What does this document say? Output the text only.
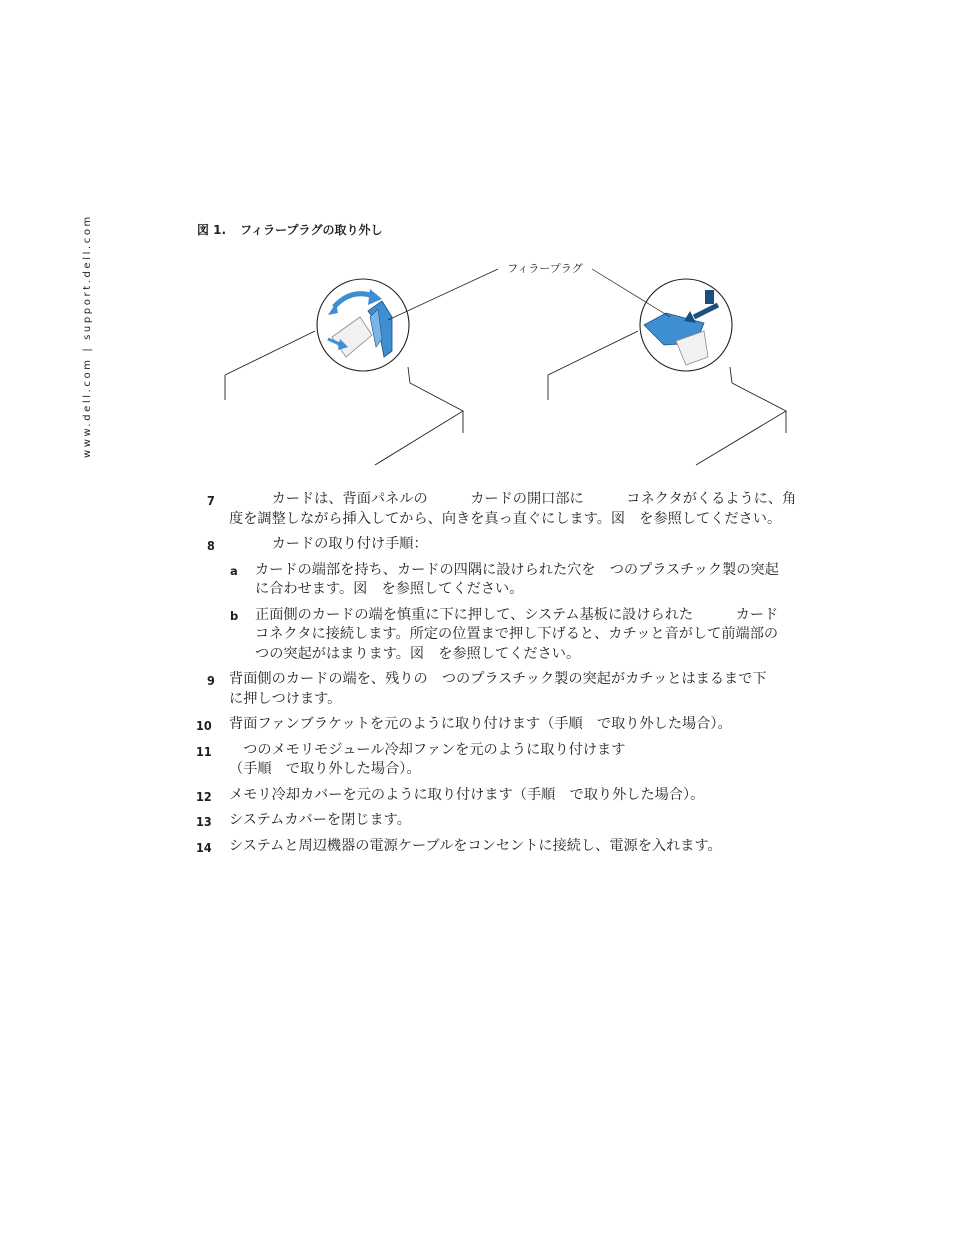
www.dell.com | support.dell.com	図 1. フィラープラグの取り外し
フィラープラグ
7	　　　カードは、背面パネルの　　　カードの開口部に　　　コネクタがくるように、角
度を調整しながら挿入してから、向きを真っ直ぐにします。図　を参照してください。
8 　　　カードの取り付け手順：
a カードの端部を持ち、カードの四隅に設けられた穴を　つのプラスチック製の突起
に合わせます。図　を参照してください。
b 正面側のカードの端を慎重に下に押して、システム基板に設けられた　　　カード
コネクタに接続します。所定の位置まで押し下げると、カチッと音がして前端部の
つの突起がはまります。図　を参照してください。
9 背面側のカードの端を、残りの　つのプラスチック製の突起がカチッとはまるまで下
に押しつけます。
10 背面ファンブラケットを元のように取り付けます（手順　で取り外した場合）。
11	　つのメモリモジュール冷却ファンを元のように取り付けます
（手順　で取り外した場合）。
12 メモリ冷却カバーを元のように取り付けます（手順　で取り外した場合）。
13 システムカバーを閉じます。
14 システムと周辺機器の電源ケーブルをコンセントに接続し、電源を入れます。
